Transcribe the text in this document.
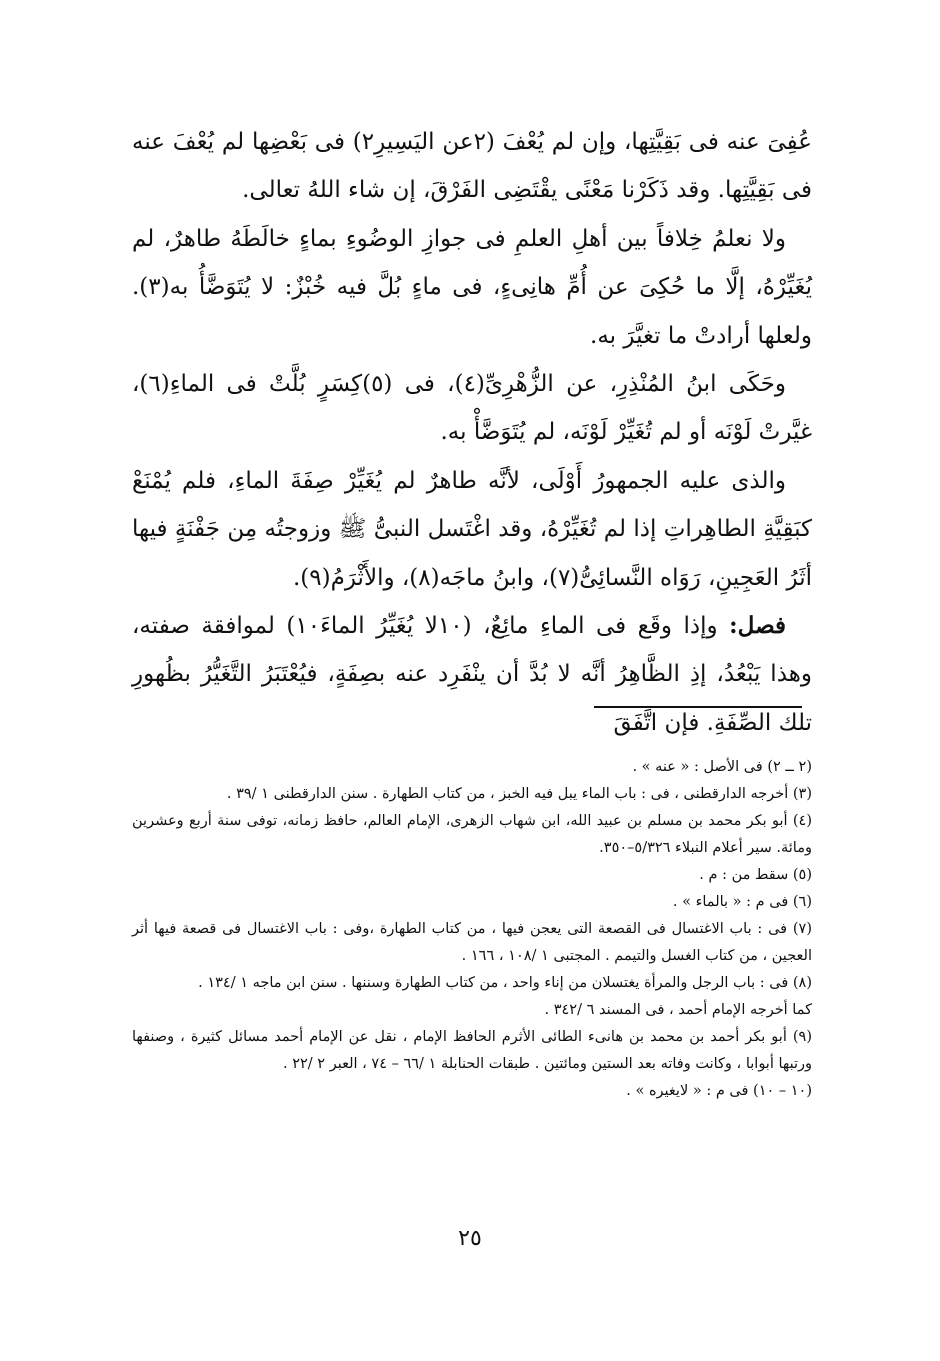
عُفِىَ عنه فى بَقِيَّتِها، وإن لم يُعْفَ (٢عن اليَسِيرِ٢) فى بَعْضِها لم يُعْفَ عنه فى بَقِيَّتِها. وقد ذَكَرْنا مَعْنًى يقْتَضِى الفَرْقَ، إن شاء اللهُ تعالى.

ولا نعلمُ خِلافاً بين أهلِ العلمِ فى جوازِ الوضُوءِ بماءٍ خالَطَهُ طاهرٌ، لم يُغَيِّرْهُ، إلَّا ما حُكِىَ عن أُمِّ هانِىءٍ، فى ماءٍ بُلَّ فيه خُبْزٌ: لا يُتَوَضَّأُ به(٣). ولعلها أرادتْ ما تغيَّرَ به.

وحَكَى ابنُ المُنْذِرِ، عن الزُّهْرِىِّ(٤)، فى (٥)كِسَرٍ بُلَّتْ فى الماءِ(٦)، غيَّرتْ لَوْنَه أو لم تُغَيِّرْ لَوْنَه، لم يُتَوَضَّأْ به.

والذى عليه الجمهورُ أَوْلَى، لأنَّه طاهرٌ لم يُغَيِّرْ صِفَةَ الماءِ، فلم يُمْنَعْ كبَقِيَّةِ الطاهِراتِ إذا لم تُغَيِّرْهُ، وقد اغْتَسل النبىُّ ﷺ وزوجتُه مِن جَفْنَةٍ فيها أثَرُ العَجِينِ، رَوَاه النَّسائِىُّ(٧)، وابنُ ماجَه(٨)، والأَثْرَمُ(٩).

فصل: وإذا وقَع فى الماءِ مائِعٌ، (١٠لا يُغَيِّرُ الماءَ١٠) لموافقة صفته، وهذا يَبْعُدُ، إذِ الظَّاهِرُ أنَّه لا بُدَّ أن ينْفَرِد عنه بصِفَةٍ، فيُعْتَبَرُ التَّغَيُّرُ بظُهورِ تلك الصِّفَةِ. فإن اتَّفَقَ

(٢ ــ ٢) فى الأصل : « عنه » .

(٣) أخرجه الدارقطنى ، فى : باب الماء يبل فيه الخبز ، من كتاب الطهارة . سنن الدارقطنى ١ /٣٩ .

(٤) أبو بكر محمد بن مسلم بن عبيد الله، ابن شهاب الزهرى، الإمام العالم، حافظ زمانه، توفى سنة أربع وعشرين ومائة. سير أعلام النبلاء ٥/٣٢٦–٣٥٠.

(٥) سقط من : م .

(٦) فى م : « بالماء » .

(٧) فى : باب الاغتسال فى القصعة التى يعجن فيها ، من كتاب الطهارة ،وفى : باب الاغتسال فى قصعة فيها أثر العجين ، من كتاب الغسل والتيمم . المجتبى ١ /١٠٨ ، ١٦٦ .

(٨) فى : باب الرجل والمرأة يغتسلان من إناء واحد ، من كتاب الطهارة وسننها . سنن ابن ماجه ١ /١٣٤ .

كما أخرجه الإمام أحمد ، فى المسند ٦ /٣٤٢ .

(٩) أبو بكر أحمد بن محمد بن هانىء الطائى الأثرم الحافظ الإمام ، نقل عن الإمام أحمد مسائل كثيرة ، وصنفها ورتبها أبوابا ، وكانت وفاته بعد الستين ومائتين . طبقات الحنابلة ١ /٦٦ – ٧٤ ، العبر ٢ /٢٢ .

(١٠ – ١٠) فى م : « لايغيره » .

٢٥
